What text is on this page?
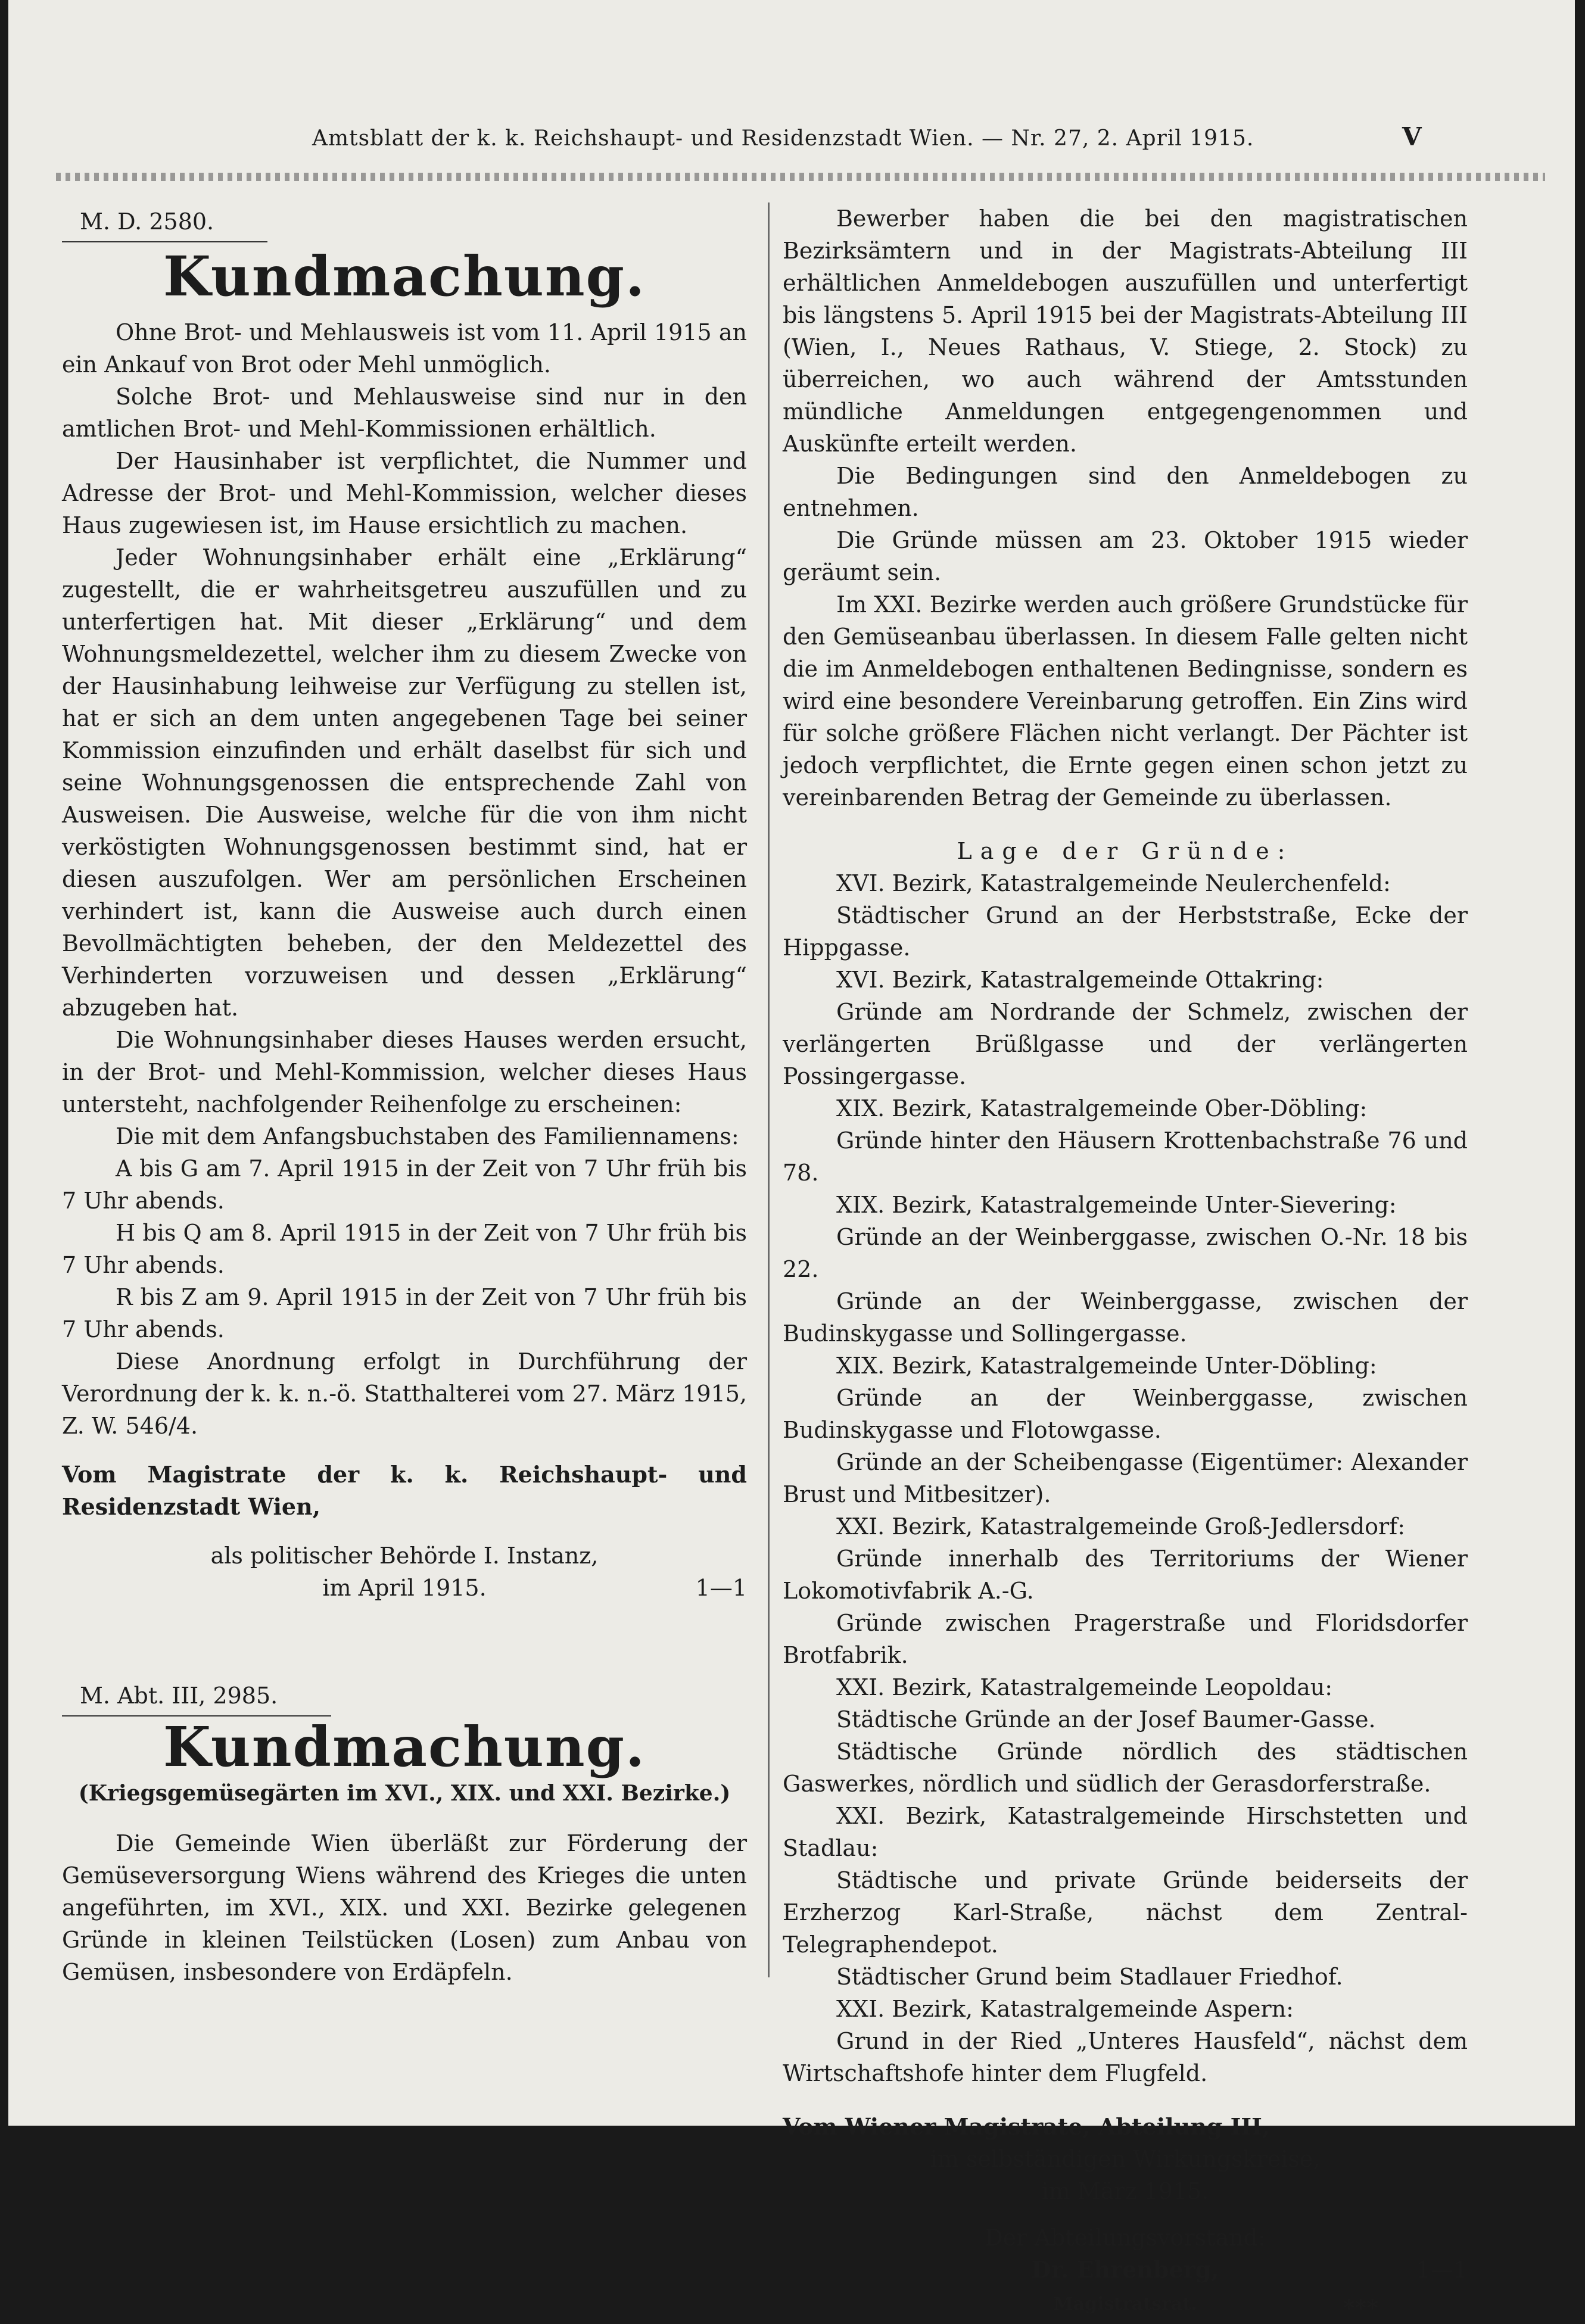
Amtsblatt der k. k. Reichshaupt- und Residenzstadt Wien. — Nr. 27, 2. April 1915.	V
M. D. 2580.
Kundmachung.

Ohne Brot- und Mehlausweis ist vom 11. April 1915 an ein Ankauf von Brot oder Mehl unmöglich.

Solche Brot- und Mehlausweise sind nur in den amtlichen Brot- und Mehl-Kommissionen erhältlich.

Der Hausinhaber ist verpflichtet, die Nummer und Adresse der Brot- und Mehl-Kommission, welcher dieses Haus zugewiesen ist, im Hause ersichtlich zu machen.

Jeder Wohnungsinhaber erhält eine „Erklärung“ zugestellt, die er wahrheitsgetreu auszufüllen und zu unterfertigen hat. Mit dieser „Erklärung“ und dem Wohnungsmeldezettel, welcher ihm zu diesem Zwecke von der Hausinhabung leihweise zur Verfügung zu stellen ist, hat er sich an dem unten angegebenen Tage bei seiner Kommission einzufinden und erhält daselbst für sich und seine Wohnungsgenossen die entsprechende Zahl von Ausweisen. Die Ausweise, welche für die von ihm nicht verköstigten Wohnungsgenossen bestimmt sind, hat er diesen auszufolgen. Wer am persönlichen Erscheinen verhindert ist, kann die Ausweise auch durch einen Bevollmächtigten beheben, der den Meldezettel des Verhinderten vorzuweisen und dessen „Erklärung“ abzugeben hat.

Die Wohnungsinhaber dieses Hauses werden ersucht, in der Brot- und Mehl-Kommission, welcher dieses Haus untersteht, nachfolgender Reihenfolge zu erscheinen:

Die mit dem Anfangsbuchstaben des Familiennamens:

A bis G am 7. April 1915 in der Zeit von 7 Uhr früh bis 7 Uhr abends.

H bis Q am 8. April 1915 in der Zeit von 7 Uhr früh bis 7 Uhr abends.

R bis Z am 9. April 1915 in der Zeit von 7 Uhr früh bis 7 Uhr abends.

Diese Anordnung erfolgt in Durchführung der Verordnung der k. k. n.-ö. Statthalterei vom 27. März 1915, Z. W. 546/4.

Vom Magistrate der k. k. Reichshaupt- und Residenzstadt Wien,

als politischer Behörde I. Instanz,

im April 1915.	1—1

M. Abt. III, 2985.
Kundmachung.
(Kriegsgemüsegärten im XVI., XIX. und XXI. Bezirke.)

Die Gemeinde Wien überläßt zur Förderung der Gemüseversorgung Wiens während des Krieges die unten angeführten, im XVI., XIX. und XXI. Bezirke gelegenen Gründe in kleinen Teilstücken (Losen) zum Anbau von Gemüsen, insbesondere von Erdäpfeln.

Bewerber haben die bei den magistratischen Bezirksämtern und in der Magistrats-Abteilung III erhältlichen Anmeldebogen auszufüllen und unterfertigt bis längstens 5. April 1915 bei der Magistrats-Abteilung III (Wien, I., Neues Rathaus, V. Stiege, 2. Stock) zu überreichen, wo auch während der Amtsstunden mündliche Anmeldungen entgegengenommen und Auskünfte erteilt werden.

Die Bedingungen sind den Anmeldebogen zu entnehmen.

Die Gründe müssen am 23. Oktober 1915 wieder geräumt sein.

Im XXI. Bezirke werden auch größere Grundstücke für den Gemüseanbau überlassen. In diesem Falle gelten nicht die im Anmeldebogen enthaltenen Bedingnisse, sondern es wird eine besondere Vereinbarung getroffen. Ein Zins wird für solche größere Flächen nicht verlangt. Der Pächter ist jedoch verpflichtet, die Ernte gegen einen schon jetzt zu vereinbarenden Betrag der Gemeinde zu überlassen.

Lage der Gründe:

XVI. Bezirk, Katastralgemeinde Neulerchenfeld:

Städtischer Grund an der Herbststraße, Ecke der Hippgasse.

XVI. Bezirk, Katastralgemeinde Ottakring:

Gründe am Nordrande der Schmelz, zwischen der verlängerten Brüßlgasse und der verlängerten Possingergasse.

XIX. Bezirk, Katastralgemeinde Ober-Döbling:

Gründe hinter den Häusern Krottenbachstraße 76 und 78.

XIX. Bezirk, Katastralgemeinde Unter-Sievering:

Gründe an der Weinberggasse, zwischen O.-Nr. 18 bis 22.

Gründe an der Weinberggasse, zwischen der Budinskygasse und Sollingergasse.

XIX. Bezirk, Katastralgemeinde Unter-Döbling:

Gründe an der Weinberggasse, zwischen Budinskygasse und Flotowgasse.

Gründe an der Scheibengasse (Eigentümer: Alexander Brust und Mitbesitzer).

XXI. Bezirk, Katastralgemeinde Groß-Jedlersdorf:

Gründe innerhalb des Territoriums der Wiener Lokomotivfabrik A.-G.

Gründe zwischen Pragerstraße und Floridsdorfer Brotfabrik.

XXI. Bezirk, Katastralgemeinde Leopoldau:

Städtische Gründe an der Josef Baumer-Gasse.

Städtische Gründe nördlich des städtischen Gaswerkes, nördlich und südlich der Gerasdorferstraße.

XXI. Bezirk, Katastralgemeinde Hirschstetten und Stadlau:

Städtische und private Gründe beiderseits der Erzherzog Karl-Straße, nächst dem Zentral-Telegraphendepot.

Städtischer Grund beim Stadlauer Friedhof.

XXI. Bezirk, Katastralgemeinde Aspern:

Grund in der Ried „Unteres Hausfeld“, nächst dem Wirtschaftshofe hinter dem Flugfeld.

Vom Wiener Magistrate, Abteilung III,

im selbständigen Wirkungskreise,

im März 1915.

Der Abteilungsvorstand:

Dr. Ehrenberg,

Magistratsrat.
1—1
***
